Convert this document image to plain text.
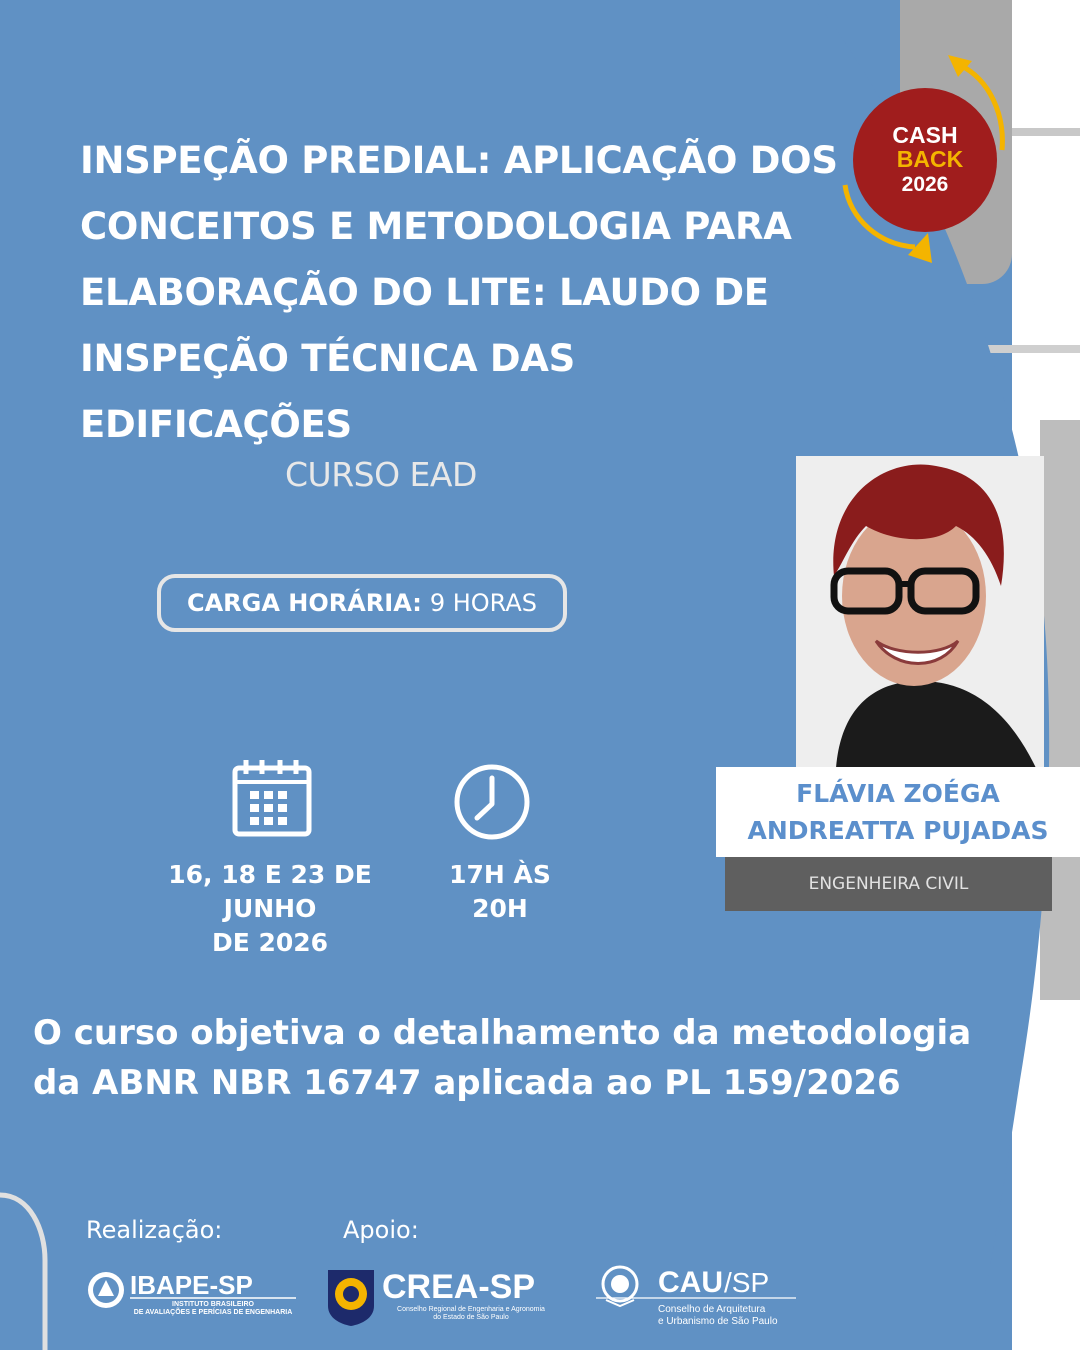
INSPEÇÃO PREDIAL: APLICAÇÃO DOS CONCEITOS E METODOLOGIA PARA ELABORAÇÃO DO LITE: LAUDO DE INSPEÇÃO TÉCNICA DAS EDIFICAÇÕES
CURSO EAD
CARGA HORÁRIA: 9 HORAS
16, 18 E 23 DE JUNHO
DE 2026
17H ÀS
20H
O curso objetiva o detalhamento da metodologia
da ABNR NBR 16747 aplicada ao PL 159/2026
FLÁVIA ZOÉGA
ANDREATTA PUJADAS
ENGENHEIRA CIVIL
CASH
BACK
2026
Realização:	Apoio:
IBAPE-SP
INSTITUTO BRASILEIRO
DE AVALIAÇÕES E PERÍCIAS DE ENGENHARIA
CREA-SP
Conselho Regional de Engenharia e Agronomia
do Estado de São Paulo
CAU /SP
Conselho de Arquitetura
e Urbanismo de São Paulo
